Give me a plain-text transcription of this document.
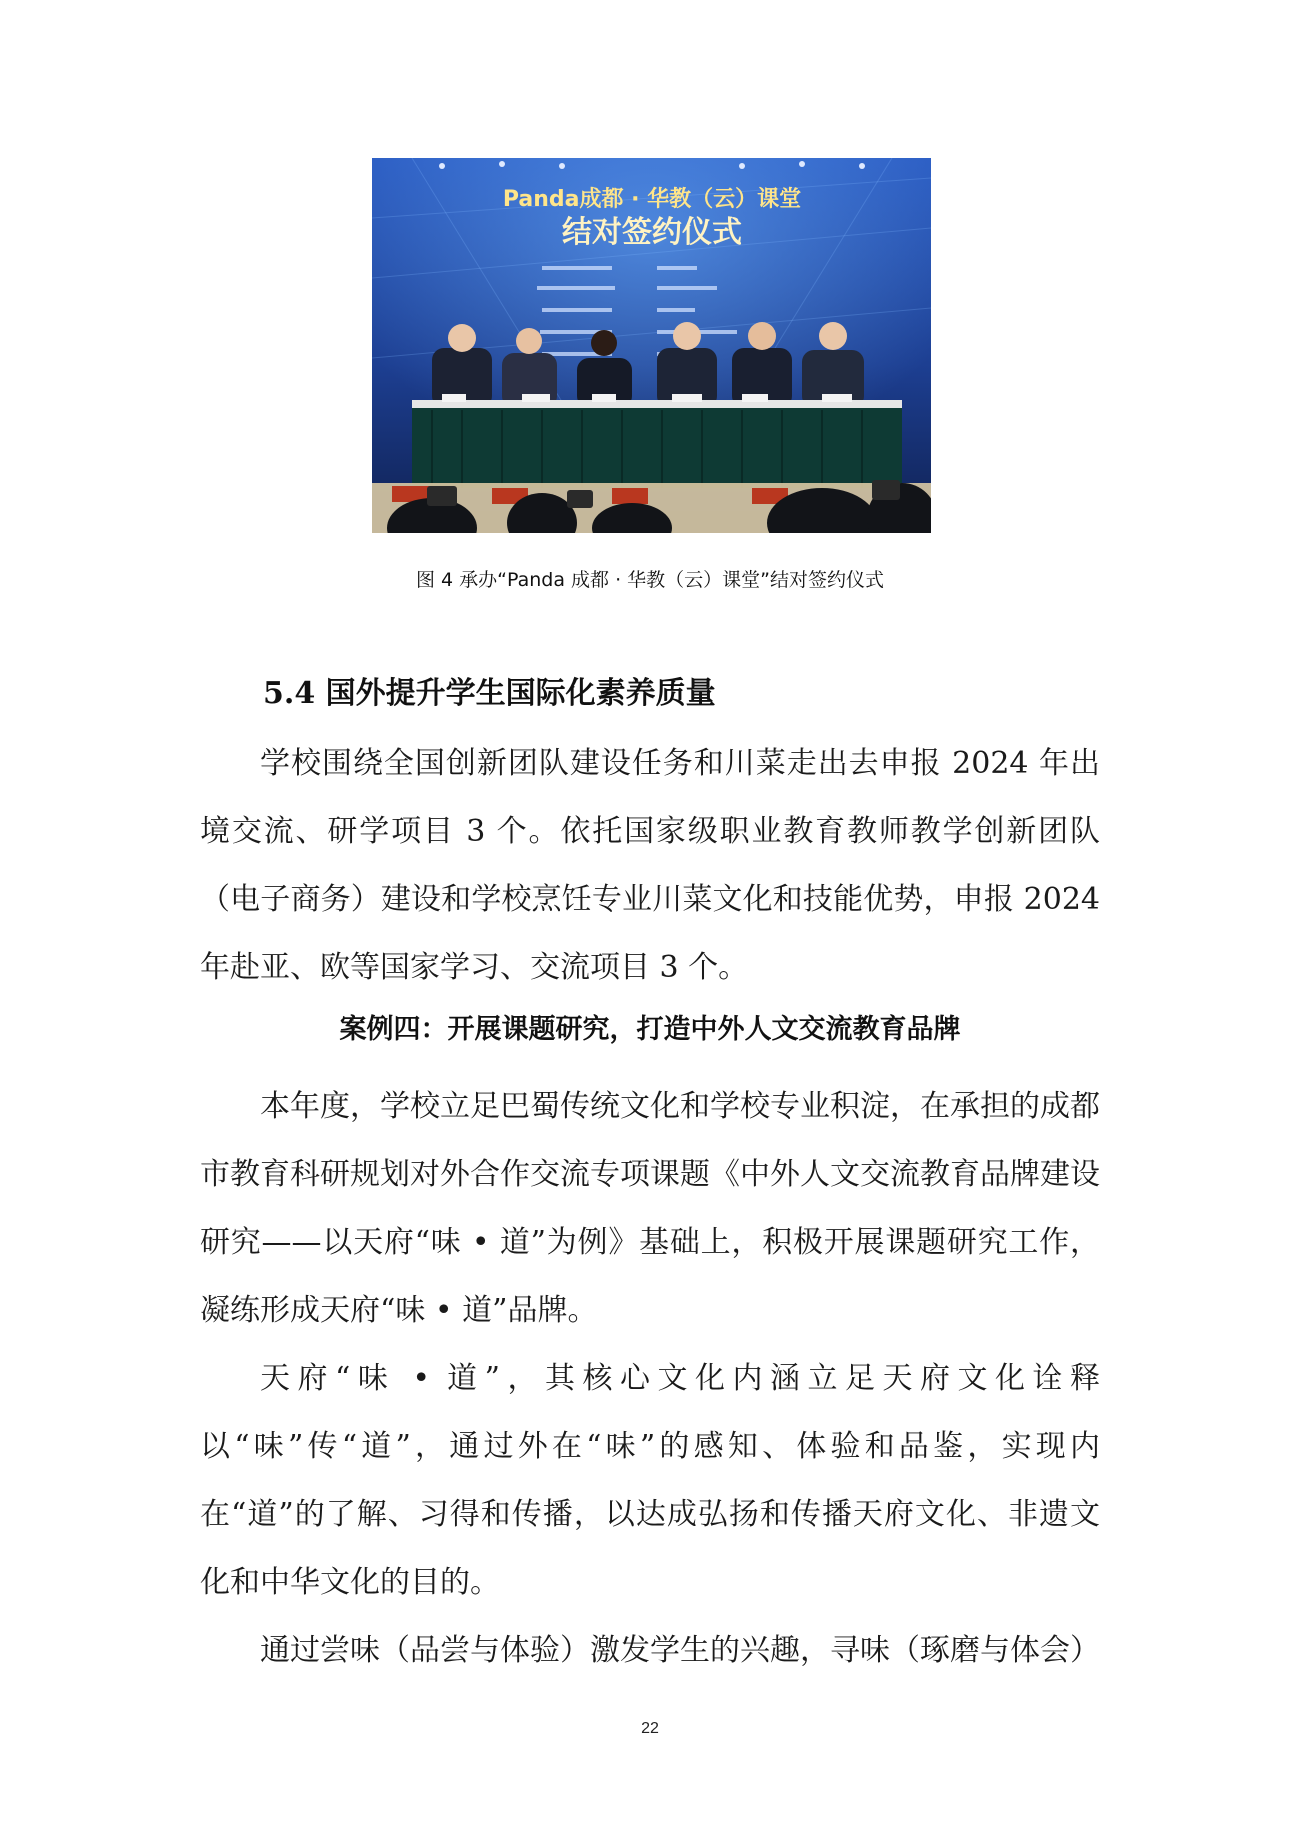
Panda成都 · 华教（云）课堂
结对签约仪式
图 4 承办“Panda 成都 · 华教（云）课堂”结对签约仪式
5.4 国外提升学生国际化素养质量

学校围绕全国创新团队建设任务和川菜走出去申报 2024 年出境交流、研学项目 3 个。依托国家级职业教育教师教学创新团队（电子商务）建设和学校烹饪专业川菜文化和技能优势，申报 2024 年赴亚、欧等国家学习、交流项目 3 个。

案例四：开展课题研究，打造中外人文交流教育品牌

本年度，学校立足巴蜀传统文化和学校专业积淀，在承担的成都市教育科研规划对外合作交流专项课题《中外人文交流教育品牌建设研究——以天府“味 • 道”为例》基础上，积极开展课题研究工作，凝练形成天府“味 • 道”品牌。

天府“味 • 道”，其核心文化内涵立足天府文化诠释以“味”传“道”，通过外在“味”的感知、体验和品鉴，实现内在“道”的了解、习得和传播，以达成弘扬和传播天府文化、非遗文化和中华文化的目的。

通过尝味（品尝与体验）激发学生的兴趣，寻味（琢磨与体会）

22
